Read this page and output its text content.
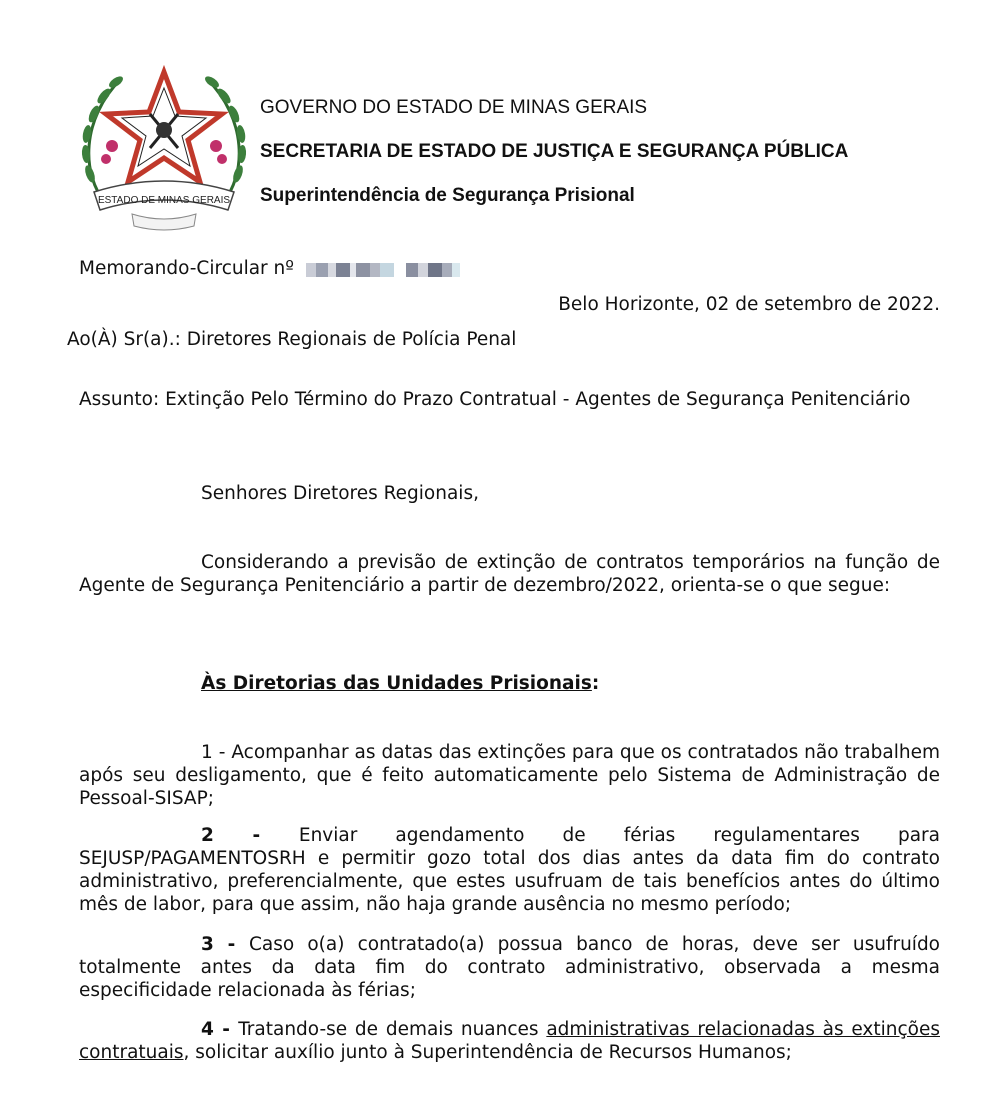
ESTADO DE MINAS GERAIS
GOVERNO DO ESTADO DE MINAS GERAIS
SECRETARIA DE ESTADO DE JUSTIÇA E SEGURANÇA PÚBLICA
Superintendência de Segurança Prisional
Memorando-Circular nº
Belo Horizonte, 02 de setembro de 2022.
Ao(À) Sr(a).: Diretores Regionais de Polícia Penal
Assunto: Extinção Pelo Término do Prazo Contratual - Agentes de Segurança Penitenciário
Senhores Diretores Regionais,
Considerando a previsão de extinção de contratos temporários na função de Agente de Segurança Penitenciário a partir de dezembro/2022, orienta-se o que segue:
Às Diretorias das Unidades Prisionais:
1 - Acompanhar as datas das extinções para que os contratados não trabalhem após seu desligamento, que é feito automaticamente pelo Sistema de Administração de Pessoal-SISAP;
2 - Enviar agendamento de férias regulamentares para SEJUSP/PAGAMENTOSRH e permitir gozo total dos dias antes da data fim do contrato administrativo, preferencialmente, que estes usufruam de tais benefícios antes do último mês de labor, para que assim, não haja grande ausência no mesmo período;
3 - Caso o(a) contratado(a) possua banco de horas, deve ser usufruído totalmente antes da data fim do contrato administrativo, observada a mesma especificidade relacionada às férias;
4 - Tratando-se de demais nuances administrativas relacionadas às extinções contratuais, solicitar auxílio junto à Superintendência de Recursos Humanos;
